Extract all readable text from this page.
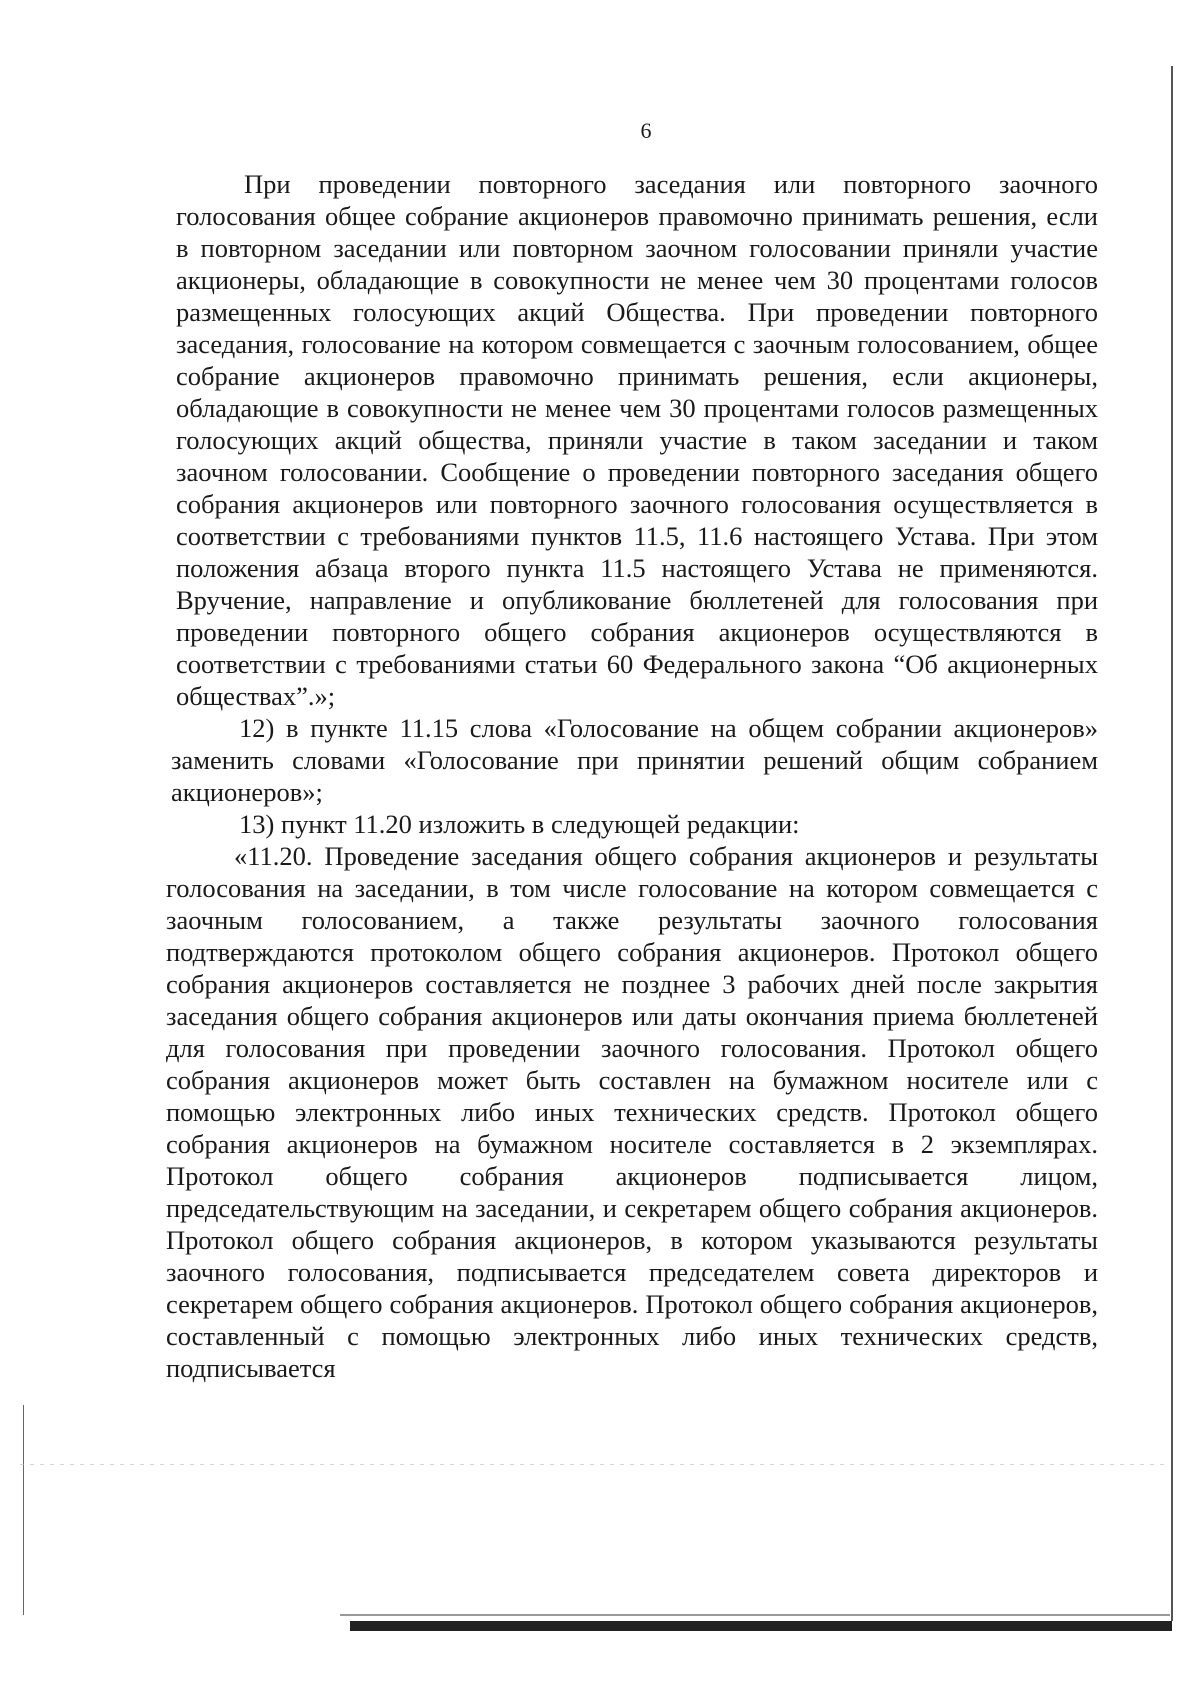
6

При проведении повторного заседания или повторного заочного голосования общее собрание акционеров правомочно принимать решения, если в повторном заседании или повторном заочном голосовании приняли участие акционеры, обладающие в совокупности не менее чем 30 процентами голосов размещенных голосующих акций Общества. При проведении повторного заседания, голосование на котором совмещается с заочным голосованием, общее собрание акционеров правомочно принимать решения, если акционеры, обладающие в совокупности не менее чем 30 процентами голосов размещенных голосующих акций общества, приняли участие в таком заседании и таком заочном голосовании. Сообщение о проведении повторного заседания общего собрания акционеров или повторного заочного голосования осуществляется в соответствии с требованиями пунктов 11.5, 11.6 настоящего Устава. При этом положения абзаца второго пункта 11.5 настоящего Устава не применяются. Вручение, направление и опубликование бюллетеней для голосования при проведении повторного общего собрания акционеров осуществляются в соответствии с требованиями статьи 60 Федерального закона “Об акционерных обществах”.»;

12) в пункте 11.15 слова «Голосование на общем собрании акционеров» заменить словами «Голосование при принятии решений общим собранием акционеров»;

13) пункт 11.20 изложить в следующей редакции:

«11.20. Проведение заседания общего собрания акционеров и результаты голосования на заседании, в том числе голосование на котором совмещается с заочным голосованием, а также результаты заочного голосования подтверждаются протоколом общего собрания акционеров. Протокол общего собрания акционеров составляется не позднее 3 рабочих дней после закрытия заседания общего собрания акционеров или даты окончания приема бюллетеней для голосования при проведении заочного голосования. Протокол общего собрания акционеров может быть составлен на бумажном носителе или с помощью электронных либо иных технических средств. Протокол общего собрания акционеров на бумажном носителе составляется в 2 экземплярах. Протокол общего собрания акционеров подписывается лицом, председательствующим на заседании, и секретарем общего собрания акционеров. Протокол общего собрания акционеров, в котором указываются результаты заочного голосования, подписывается председателем совета директоров и секретарем общего собрания акционеров. Протокол общего собрания акционеров, составленный с помощью электронных либо иных технических средств, подписывается
